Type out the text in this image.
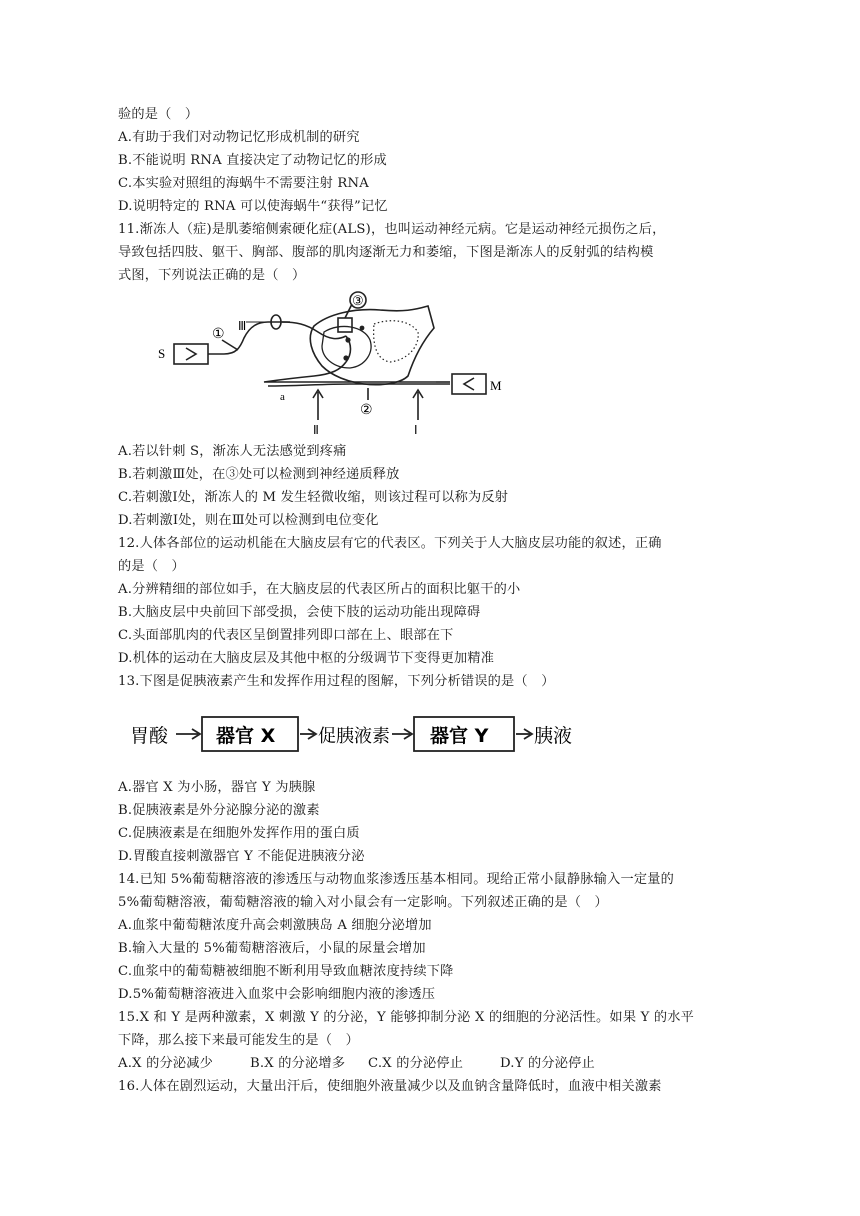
验的是（　）
A.有助于我们对动物记忆形成机制的研究
B.不能说明 RNA 直接决定了动物记忆的形成
C.本实验对照组的海蜗牛不需要注射 RNA
D.说明特定的 RNA 可以使海蜗牛“获得”记忆
11.渐冻人（症)是肌萎缩侧索硬化症(ALS)，也叫运动神经元病。它是运动神经元损伤之后，
导致包括四肢、躯干、胸部、腹部的肌肉逐渐无力和萎缩，下图是渐冻人的反射弧的结构模
式图，下列说法正确的是（　）
S
M
a
①
②
③
Ⅲ
Ⅱ	Ⅰ
A.若以针刺 S，渐冻人无法感觉到疼痛
B.若刺激Ⅲ处，在③处可以检测到神经递质释放
C.若刺激Ⅰ处，渐冻人的 M 发生轻微收缩，则该过程可以称为反射
D.若刺激Ⅰ处，则在Ⅲ处可以检测到电位变化
12.人体各部位的运动机能在大脑皮层有它的代表区。下列关于人大脑皮层功能的叙述，正确
的是（　）
A.分辨精细的部位如手，在大脑皮层的代表区所占的面积比躯干的小
B.大脑皮层中央前回下部受损，会使下肢的运动功能出现障碍
C.头面部肌肉的代表区呈倒置排列即口部在上、眼部在下
D.机体的运动在大脑皮层及其他中枢的分级调节下变得更加精准
13.下图是促胰液素产生和发挥作用过程的图解，下列分析错误的是（　）
胃酸	器官 X 促胰液素 器官 Y 胰液
A.器官 X 为小肠，器官 Y 为胰腺
B.促胰液素是外分泌腺分泌的激素
C.促胰液素是在细胞外发挥作用的蛋白质
D.胃酸直接刺激器官 Y 不能促进胰液分泌
14.已知 5%葡萄糖溶液的渗透压与动物血浆渗透压基本相同。现给正常小鼠静脉输入一定量的
5%葡萄糖溶液，葡萄糖溶液的输入对小鼠会有一定影响。下列叙述正确的是（　）
A.血浆中葡萄糖浓度升高会刺激胰岛 A 细胞分泌增加
B.输入大量的 5%葡萄糖溶液后，小鼠的尿量会增加
C.血浆中的葡萄糖被细胞不断利用导致血糖浓度持续下降
D.5%葡萄糖溶液进入血浆中会影响细胞内液的渗透压
15.X 和 Y 是两种激素，X 刺激 Y 的分泌，Y 能够抑制分泌 X 的细胞的分泌活性。如果 Y 的水平
下降，那么接下来最可能发生的是（　）
A.X 的分泌减少	B.X 的分泌增多 C.X 的分泌停止	D.Y 的分泌停止
16.人体在剧烈运动，大量出汗后，使细胞外液量减少以及血钠含量降低时，血液中相关激素
